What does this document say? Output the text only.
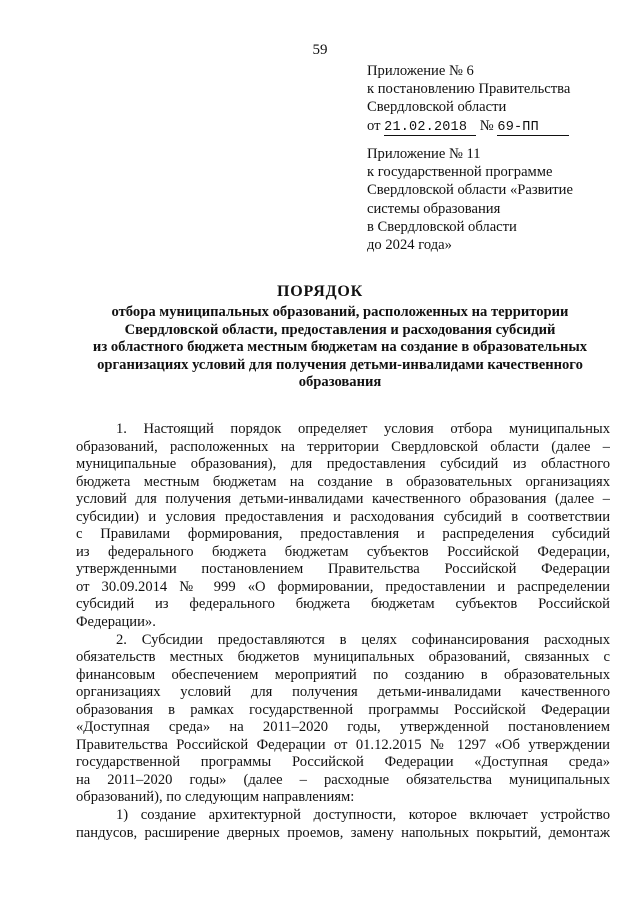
59
Приложение № 6
к постановлению Правительства
Свердловской области
от 21.02.2018 № 69-ПП
Приложение № 11
к государственной программе
Свердловской области «Развитие
системы образования
в Свердловской области
до 2024 года»
ПОРЯДОК
отбора муниципальных образований, расположенных на территории
Свердловской области, предоставления и расходования субсидий
из областного бюджета местным бюджетам на создание в образовательных
организациях условий для получения детьми-инвалидами качественного
образования
1. Настоящий порядок определяет условия отбора муниципальных
образований, расположенных на территории Свердловской области (далее –
муниципальные образования), для предоставления субсидий из областного
бюджета местным бюджетам на создание в образовательных организациях
условий для получения детьми-инвалидами качественного образования (далее –
субсидии) и условия предоставления и расходования субсидий в соответствии
с Правилами формирования, предоставления и распределения субсидий
из федерального бюджета бюджетам субъектов Российской Федерации,
утвержденными постановлением Правительства Российской Федерации
от 30.09.2014 № 999 «О формировании, предоставлении и распределении
субсидий из федерального бюджета бюджетам субъектов Российской
Федерации».
2. Субсидии предоставляются в целях софинансирования расходных
обязательств местных бюджетов муниципальных образований, связанных с
финансовым обеспечением мероприятий по созданию в образовательных
организациях условий для получения детьми-инвалидами качественного
образования в рамках государственной программы Российской Федерации
«Доступная среда» на 2011–2020 годы, утвержденной постановлением
Правительства Российской Федерации от 01.12.2015 № 1297 «Об утверждении
государственной программы Российской Федерации «Доступная среда»
на 2011–2020 годы» (далее – расходные обязательства муниципальных
образований), по следующим направлениям:
1) создание архитектурной доступности, которое включает устройство
пандусов, расширение дверных проемов, замену напольных покрытий, демонтаж
